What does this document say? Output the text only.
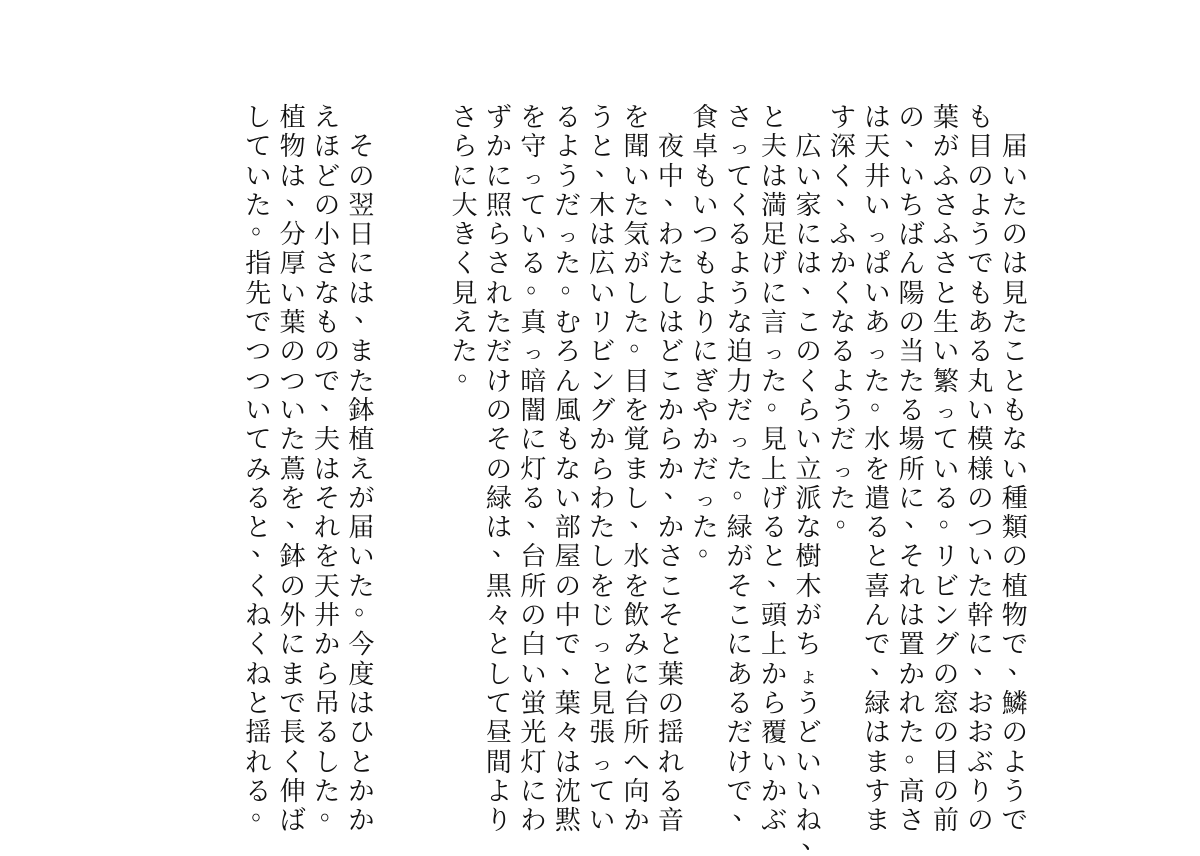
届
い
た
の
は
見
た
こ
と
も
な
い
種
類
の
植
物
で
、
鱗
の
よ
う
で
も
目
の
よ
う
で
も
あ
る
丸
い
模
様
の
つ
い
た
幹
に
、
お
お
ぶ
り
の
葉
が
ふ
さ
ふ
さ
と
生
い
繁
っ
て
い
る
。
リ
ビ
ン
グ
の
窓
の
目
の
前
の
、
い
ち
ば
ん
陽
の
当
た
る
場
所
に
、
そ
れ
は
置
か
れ
た
。
高
さ
は
天
井
い
っ
ぱ
い
あ
っ
た
。
水
を
遣
る
と
喜
ん
で
、
緑
は
ま
す
ま
す
深
く
、
ふ
か
く
な
る
よ
う
だ
っ
た
。

広
い
家
に
は
、
こ
の
く
ら
い
立
派
な
樹
木
が
ち
ょ
う
ど
い
い
ね
、
と
夫
は
満
足
げ
に
言
っ
た
。
見
上
げ
る
と
、
頭
上
か
ら
覆
い
か
ぶ
さ
っ
て
く
る
よ
う
な
迫
力
だ
っ
た
。
緑
が
そ
こ
に
あ
る
だ
け
で
、
食
卓
も
い
つ
も
よ
り
に
ぎ
や
か
だ
っ
た
。

夜
中
、
わ
た
し
は
ど
こ
か
ら
か
、
か
さ
こ
そ
と
葉
の
揺
れ
る
音
を
聞
い
た
気
が
し
た
。
目
を
覚
ま
し
、
水
を
飲
み
に
台
所
へ
向
か
う
と
、
木
は
広
い
リ
ビ
ン
グ
か
ら
わ
た
し
を
じ
っ
と
見
張
っ
て
い
る
よ
う
だ
っ
た
。
む
ろ
ん
風
も
な
い
部
屋
の
中
で
、
葉
々
は
沈
黙
を
守
っ
て
い
る
。
真
っ
暗
闇
に
灯
る
、
台
所
の
白
い
蛍
光
灯
に
わ
ず
か
に
照
ら
さ
れ
た
だ
け
の
そ
の
緑
は
、
黒
々
と
し
て
昼
間
よ
り
さ
ら
に
大
き
く
見
え
た
。

そ
の
翌
日
に
は
、
ま
た
鉢
植
え
が
届
い
た
。
今
度
は
ひ
と
か
か
え
ほ
ど
の
小
さ
な
も
の
で
、
夫
は
そ
れ
を
天
井
か
ら
吊
る
し
た
。
植
物
は
、
分
厚
い
葉
の
つ
い
た
蔦
を
、
鉢
の
外
に
ま
で
長
く
伸
ば
し
て
い
た
。
指
先
で
つ
つ
い
て
み
る
と
、
く
ね
く
ね
と
揺
れ
る
。
